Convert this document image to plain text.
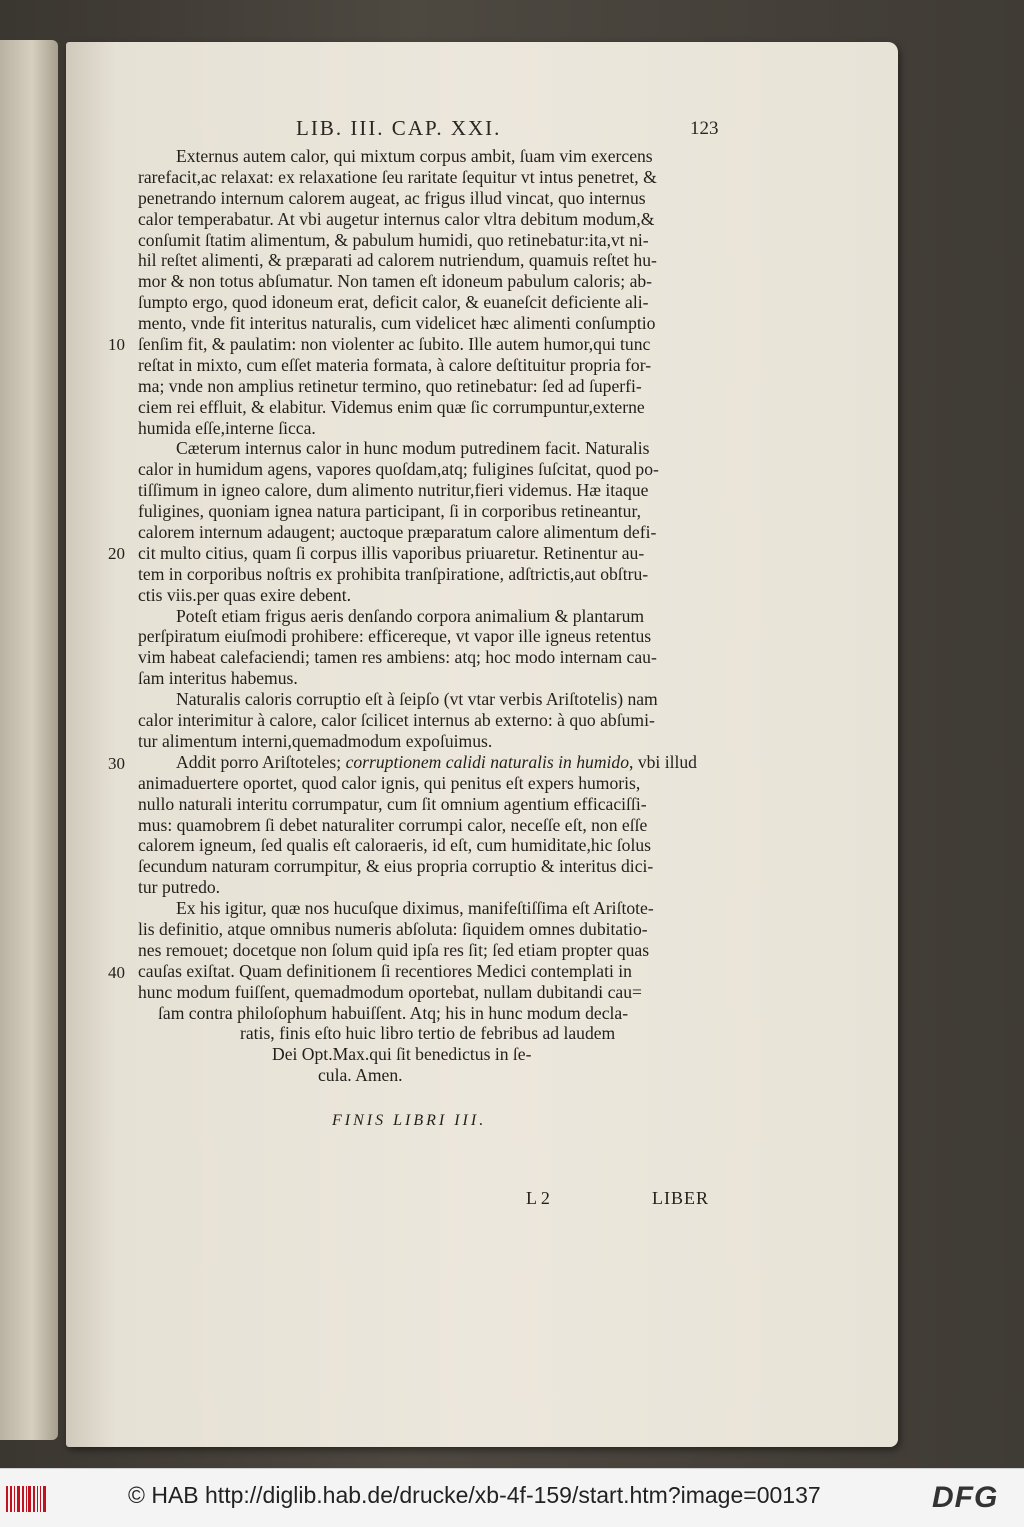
LIB. III. CAP. XXI.	123
Externus autem calor, qui mixtum corpus ambit, ſuam vim exercens
rarefacit,ac relaxat: ex relaxatione ſeu raritate ſequitur vt intus penetret, &
penetrando internum calorem augeat, ac frigus illud vincat, quo internus
calor temperabatur. At vbi augetur internus calor vltra debitum modum,&
conſumit ſtatim alimentum, & pabulum humidi, quo retinebatur:ita,vt ni-
hil reſtet alimenti, & præparati ad calorem nutriendum, quamuis reſtet hu-
mor & non totus abſumatur. Non tamen eſt idoneum pabulum caloris; ab-
ſumpto ergo, quod idoneum erat, deficit calor, & euaneſcit deficiente ali-
mento, vnde fit interitus naturalis, cum videlicet hæc alimenti conſumptio
ſenſim fit, & paulatim: non violenter ac ſubito. Ille autem humor,qui tunc
reſtat in mixto, cum eſſet materia formata, à calore deſtituitur propria for-
ma; vnde non amplius retinetur termino, quo retinebatur: ſed ad ſuperfi-
ciem rei effluit, & elabitur. Videmus enim quæ ſic corrumpuntur,externe
humida eſſe,interne ſicca.
Cæterum internus calor in hunc modum putredinem facit. Naturalis
calor in humidum agens, vapores quoſdam,atq; fuligines ſuſcitat, quod po-
tiſſimum in igneo calore, dum alimento nutritur,fieri videmus. Hæ itaque
fuligines, quoniam ignea natura participant, ſi in corporibus retineantur,
calorem internum adaugent; auctoque præparatum calore alimentum defi-
cit multo citius, quam ſi corpus illis vaporibus priuaretur. Retinentur au-
tem in corporibus noſtris ex prohibita tranſpiratione, adſtrictis,aut obſtru-
ctis viis.per quas exire debent.
Poteſt etiam frigus aeris denſando corpora animalium & plantarum
perſpiratum eiuſmodi prohibere: efficereque, vt vapor ille igneus retentus
vim habeat calefaciendi; tamen res ambiens: atq; hoc modo internam cau-
ſam interitus habemus.
Naturalis caloris corruptio eſt à ſeipſo (vt vtar verbis Ariſtotelis) nam
calor interimitur à calore, calor ſcilicet internus ab externo: à quo abſumi-
tur alimentum interni,quemadmodum expoſuimus.
Addit porro Ariſtoteles; corruptionem calidi naturalis in humido, vbi illud
animaduertere oportet, quod calor ignis, qui penitus eſt expers humoris,
nullo naturali interitu corrumpatur, cum ſit omnium agentium efficaciſſi-
mus: quamobrem ſi debet naturaliter corrumpi calor, neceſſe eſt, non eſſe
calorem igneum, ſed qualis eſt caloraeris, id eſt, cum humiditate,hic ſolus
ſecundum naturam corrumpitur, & eius propria corruptio & interitus dici-
tur putredo.
Ex his igitur, quæ nos hucuſque diximus, manifeſtiſſima eſt Ariſtote-
lis definitio, atque omnibus numeris abſoluta: ſiquidem omnes dubitatio-
nes remouet; docetque non ſolum quid ipſa res ſit; ſed etiam propter quas
cauſas exiſtat. Quam definitionem ſi recentiores Medici contemplati in
hunc modum fuiſſent, quemadmodum oportebat, nullam dubitandi cau=
ſam contra philoſophum habuiſſent. Atq; his in hunc modum decla-
ratis, finis eſto huic libro tertio de febribus ad laudem
Dei Opt.Max.qui ſit benedictus in ſe-
cula. Amen.
10
20
30
40
FINIS LIBRI III.
L 2	LIBER
© HAB http://diglib.hab.de/drucke/xb-4f-159/start.htm?image=00137	DFG
